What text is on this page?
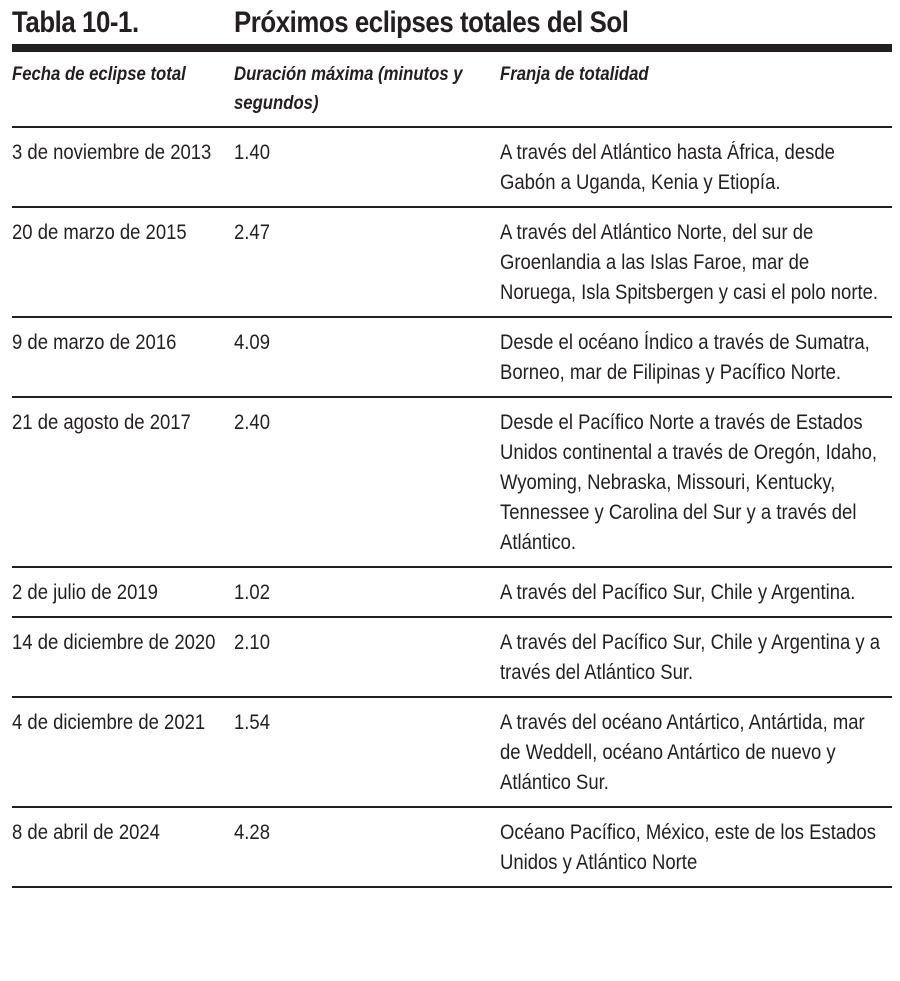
Tabla 10-1.	Próximos eclipses totales del Sol
Fecha de eclipse total	Duración máxima (minutos y segundos)	Franja de totalidad

3 de noviembre de 2013	1.40	A través del Atlántico hasta África, desde Gabón a Uganda, Kenia y Etiopía.

20 de marzo de 2015	2.47	A través del Atlántico Norte, del sur de Groenlandia a las Islas Faroe, mar de Noruega, Isla Spitsbergen y casi el polo norte.

9 de marzo de 2016	4.09	Desde el océano Índico a través de Sumatra, Borneo, mar de Filipinas y Pacífico Norte.

21 de agosto de 2017	2.40	Desde el Pacífico Norte a través de Estados Unidos continental a través de Oregón, Idaho, Wyoming, Nebraska, Missouri, Kentucky, Tennessee y Carolina del Sur y a través del Atlántico.

2 de julio de 2019	1.02	A través del Pacífico Sur, Chile y Argentina.

14 de diciembre de 2020	2.10	A través del Pacífico Sur, Chile y Argentina y a través del Atlántico Sur.

4 de diciembre de 2021	1.54	A través del océano Antártico, Antártida, mar de Weddell, océano Antártico de nuevo y Atlántico Sur.

8 de abril de 2024	4.28	Océano Pacífico, México, este de los Estados Unidos y Atlántico Norte
